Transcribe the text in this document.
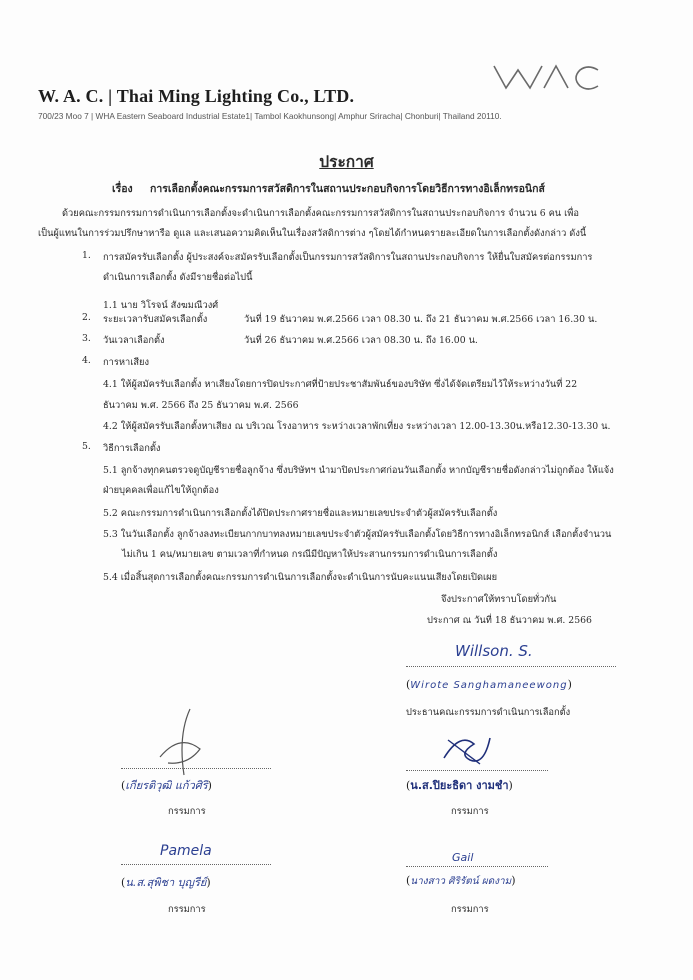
W. A. C. | Thai Ming Lighting Co., LTD.
700/23 Moo 7 | WHA Eastern Seaboard Industrial Estate1| Tambol Kaokhunsong| Amphur Sriracha| Chonburi| Thailand 20110.
ประกาศ
เรื่อง การเลือกตั้งคณะกรรมการสวัสดิการในสถานประกอบกิจการโดยวิธีการทางอิเล็กทรอนิกส์
ด้วยคณะกรรมกรรมการดำเนินการเลือกตั้งจะดำเนินการเลือกตั้งคณะกรรมการสวัสดิการในสถานประกอบกิจการ จำนวน 6 คน เพื่อ
เป็นผู้แทนในการร่วมปรึกษาหารือ ดูแล และเสนอความคิดเห็นในเรื่องสวัสดิการต่าง ๆโดยได้กำหนดรายละเอียดในการเลือกตั้งดังกล่าว ดังนี้
1. การสมัครรับเลือกตั้ง ผู้ประสงค์จะสมัครรับเลือกตั้งเป็นกรรมการสวัสดิการในสถานประกอบกิจการ ให้ยื่นใบสมัครต่อกรรมการ
ดำเนินการเลือกตั้ง ดังมีรายชื่อต่อไปนี้
1.1 นาย วิโรจน์ สังฆมณีวงศ์
2. ระยะเวลารับสมัครเลือกตั้ง	วันที่ 19 ธันวาคม พ.ศ.2566 เวลา 08.30 น. ถึง 21 ธันวาคม พ.ศ.2566 เวลา 16.30 น.
3. วันเวลาเลือกตั้ง	วันที่ 26 ธันวาคม พ.ศ.2566 เวลา 08.30 น. ถึง 16.00 น.
4. การหาเสียง
4.1 ให้ผู้สมัครรับเลือกตั้ง หาเสียงโดยการปิดประกาศที่ป้ายประชาสัมพันธ์ของบริษัท ซึ่งได้จัดเตรียมไว้ให้ระหว่างวันที่ 22
ธันวาคม พ.ศ. 2566 ถึง 25 ธันวาคม พ.ศ. 2566
4.2 ให้ผู้สมัครรับเลือกตั้งหาเสียง ณ บริเวณ โรงอาหาร ระหว่างเวลาพักเที่ยง ระหว่างเวลา 12.00-13.30น.หรือ12.30-13.30 น.
5. วิธีการเลือกตั้ง
5.1 ลูกจ้างทุกคนตรวจดูบัญชีรายชื่อลูกจ้าง ซึ่งบริษัทฯ นำมาปิดประกาศก่อนวันเลือกตั้ง หากบัญชีรายชื่อดังกล่าวไม่ถูกต้อง ให้แจ้ง
ฝ่ายบุคคลเพื่อแก้ไขให้ถูกต้อง
5.2 คณะกรรมการดำเนินการเลือกตั้งได้ปิดประกาศรายชื่อและหมายเลขประจำตัวผู้สมัครรับเลือกตั้ง
5.3 ในวันเลือกตั้ง ลูกจ้างลงทะเบียนกากบาทลงหมายเลขประจำตัวผู้สมัครรับเลือกตั้งโดยวิธีการทางอิเล็กทรอนิกส์ เลือกตั้งจำนวน
ไม่เกิน 1 คน/หมายเลข ตามเวลาที่กำหนด กรณีมีปัญหาให้ประสานกรรมการดำเนินการเลือกตั้ง
5.4 เมื่อสิ้นสุดการเลือกตั้งคณะกรรมการดำเนินการเลือกตั้งจะดำเนินการนับคะแนนเสียงโดยเปิดเผย
จึงประกาศให้ทราบโดยทั่วกัน
ประกาศ ณ วันที่ 18 ธันวาคม พ.ศ. 2566
Willson. S.
(Wirote Sanghamaneewong)
ประธานคณะกรรมการดำเนินการเลือกตั้ง
(เกียรติวุฒิ แก้วศิริ)
กรรมการ
(น.ส.ปิยะธิดา งามชำ)
กรรมการ
Pamela
(น.ส.สุพิชา บุญรีย์)
กรรมการ
Gail
(นางสาว ศิริรัตน์ ผดงาม)
กรรมการ
